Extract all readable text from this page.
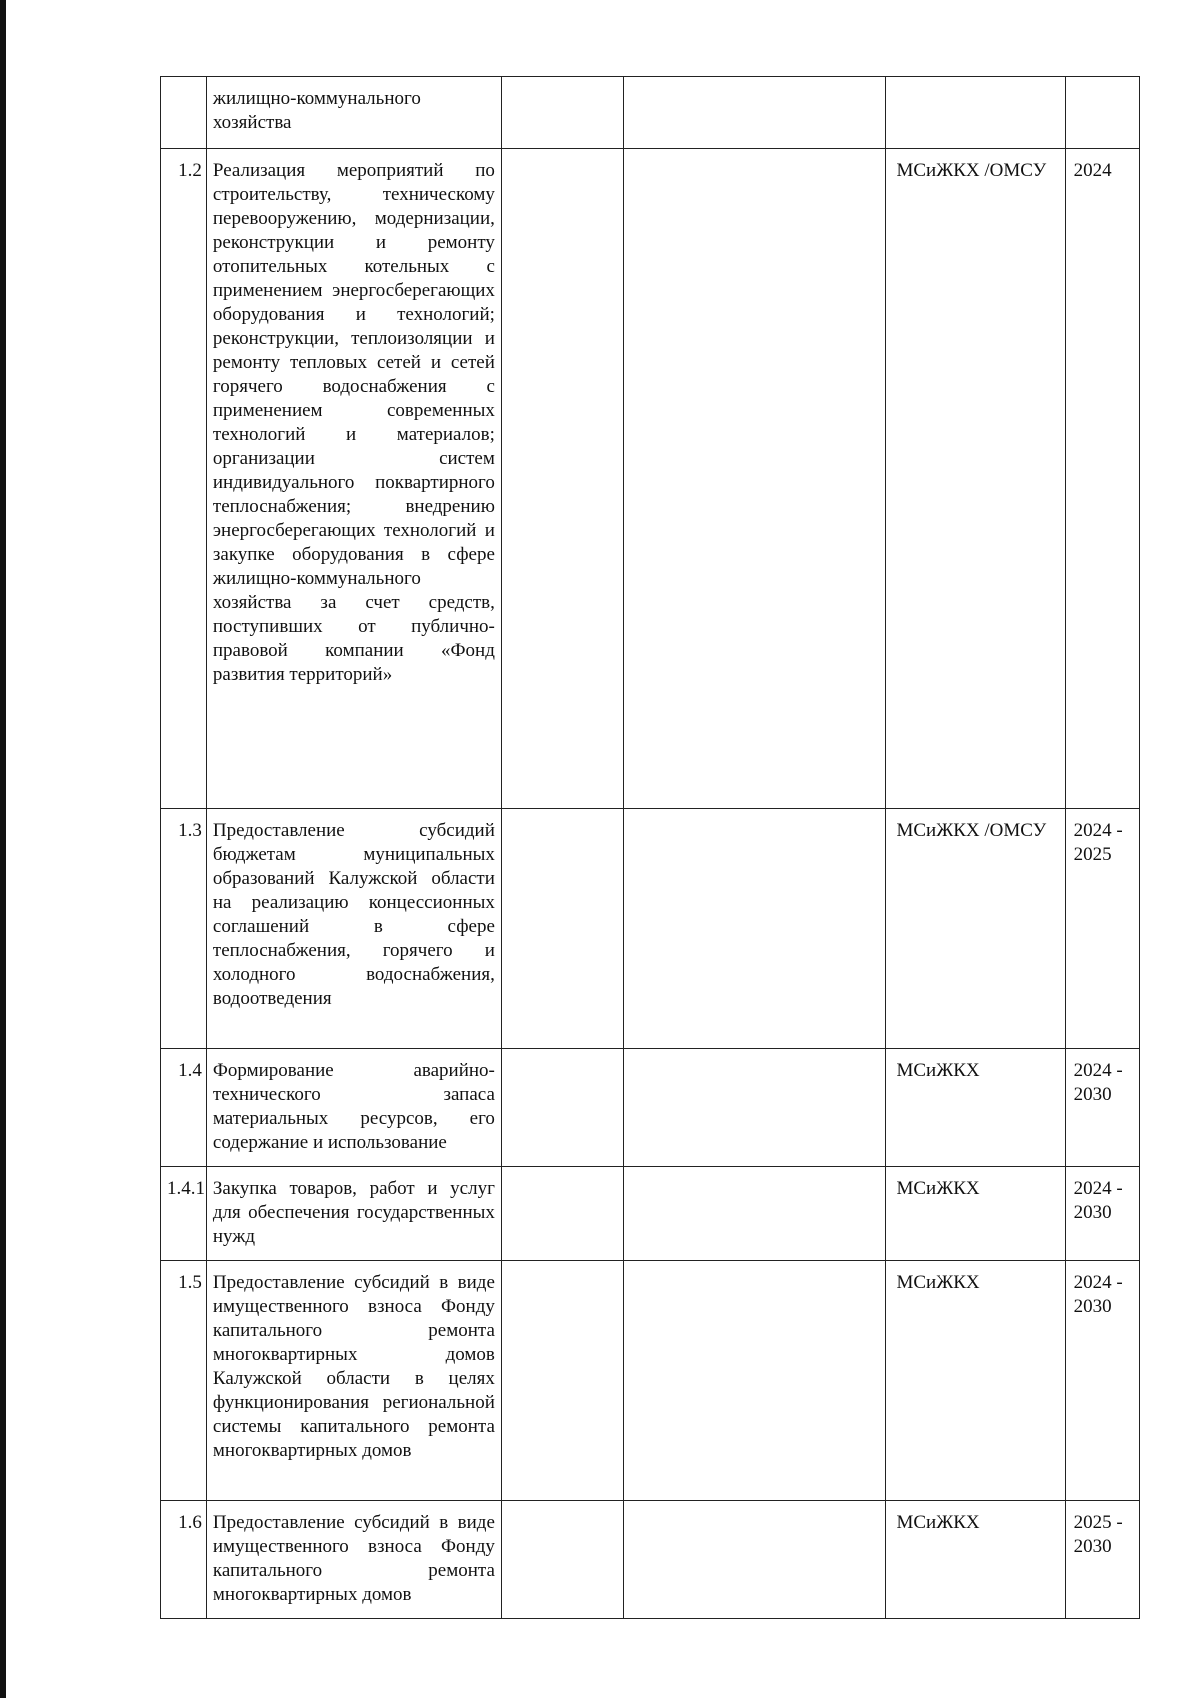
	жилищно-коммунального хозяйства				
1.2	Реализация мероприятий по строительству, техническому перевооружению, модернизации, реконструкции и ремонту отопительных котельных с применением энергосберегающих оборудования и технологий; реконструкции, теплоизоляции и ремонту тепловых сетей и сетей горячего водоснабжения с применением современных технологий и материалов; организации систем индивидуального поквартирного теплоснабжения; внедрению энергосберегающих технологий и закупке оборудования в сфере жилищно-коммунального хозяйства за счет средств, поступивших от публично-правовой компании «Фонд развития территорий»			МСиЖКХ /ОМСУ	2024
1.3	Предоставление субсидий бюджетам муниципальных образований Калужской области на реализацию концессионных соглашений в сфере теплоснабжения, горячего и холодного водоснабжения, водоотведения			МСиЖКХ /ОМСУ	2024 - 2025
1.4	Формирование аварийно-технического запаса материальных ресурсов, его содержание и использование			МСиЖКХ	2024 - 2030
1.4.1	Закупка товаров, работ и услуг для обеспечения государственных нужд			МСиЖКХ	2024 - 2030
1.5	Предоставление субсидий в виде имущественного взноса Фонду капитального ремонта многоквартирных домов Калужской области в целях функционирования региональной системы капитального ремонта многоквартирных домов			МСиЖКХ	2024 - 2030
1.6	Предоставление субсидий в виде имущественного взноса Фонду капитального ремонта многоквартирных домов			МСиЖКХ	2025 - 2030
